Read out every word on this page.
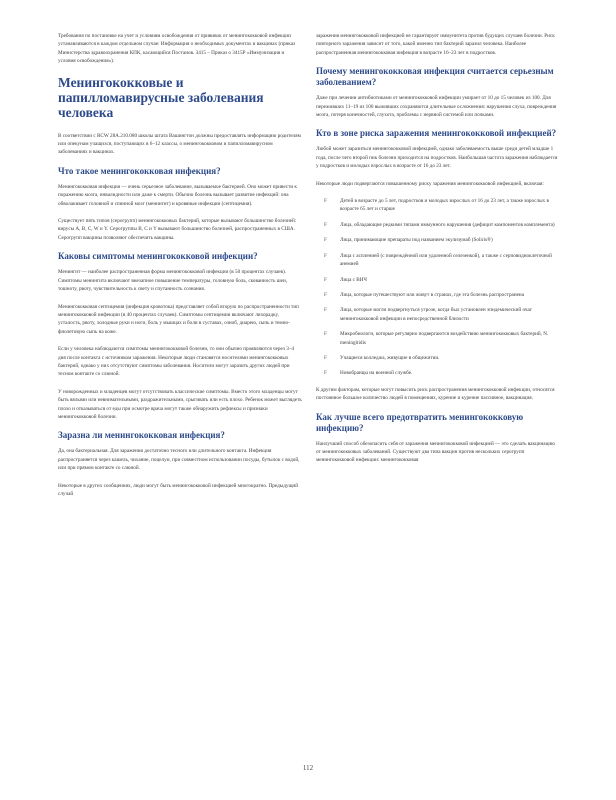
Требования по постановке на учет и условиям освобождения от прививок от менингококковой инфекции устанавливаются в каждом отдельном случае: Информация о необходимых документах и вакцинах (приказ Министерства здравоохранения КПК, касающийся Постанов. 3415 – Приказ о 3415Р «Иммунизация и условия освобождения»).

Менингококковые и папилломавирусные заболевания человека

В соответствии с RCW 28A.210.080 школы штата Вашингтон должны предоставлять информацию родителям или опекунам учащихся, поступающих в 6–12 классы, о менингококковом и папилломавирусном заболеваниях и вакцинах.

Что такое менингококковая инфекция?

Менингококковая инфекция — очень серьезное заболевание, вызываемое бактерией. Оно может привести к поражению мозга, инвалидности или даже к смерти. Обычно болезнь вызывает развитие инфекций: она обволакивает головной и спинной мозг (менингит) и кровяные инфекции (септицемия).

Существует пять типов (серогрупп) менингококковых бактерий, которые вызывают большинство болезней: вирусы A, B, C, W и Y. Серогруппы B, C и Y вызывают большинство болезней, распространенных в США. Серогрупп вакцины позволяют обеспечить вакцины.

Каковы симптомы менингококковой инфекции?

Менингит — наиболее распространенная форма менингококковой инфекции (в 50 процентах случаев). Симптомы менингита включают внезапное повышение температуры, головную боль, скованность шеи, тошноту, рвоту, чувствительность к свету и спутанность сознания.

Менингококковая септицемия (инфекция кровотока) представляет собой вторую по распространенности тип менингококковой инфекции (в 40 процентах случаев). Симптомы септицемии включают лихорадку, усталость, рвоту, холодные руки и ноги, боль у мышцах и боли в суставах, озноб, диарею, сыпь и темно-фиолетовую сыпь на коже.

Если у человека наблюдаются симптомы менингококковой болезни, то они обычно проявляются через 3–4 дня после контакта с источником заражения. Некоторые люди становятся носителями менингококковых бактерий, однако у них отсутствуют симптомы заболевания. Носители могут заразить других людей при тесном контакте со слюной.

У новорожденных и младенцев могут отсутствовать классические симптомы. Вместо этого младенцы могут быть вялыми или невнимательными, раздражительными, срыгивать или есть плохо. Ребенок может выглядеть плохо и отказываться от еды при осмотре врача могут также обнаружить рефлексы и признаки менингококковой болезни.

Заразна ли менингококковая инфекция?

Да, она бактериальная. Для заражения достаточно тесного или длительного контакта. Инфекция распространяется через кашель, чихание, поцелуи, при совместном использовании посуды, бутылок с водой, или при прямом контакте со слюной.

Некоторые в других сообщениях, люди могут быть менингококковой инфекцией многократно. Предыдущий случай

заражения менингококковой инфекцией не гарантирует иммунитета против будущих случаев болезни. Риск повторного заражения зависит от того, какой именно тип бактерий заразил человека. Наиболее распространенная менингококковая инфекция в возрасте 16–23 лет в подростков.

Почему менингококковая инфекция считается серьезным заболеванием?

Даже при лечении антибиотиками от менингококковой инфекции умирает от 10 до 15 человек из 100. Для переживших 11–19 из 100 выживших сохраняются длительные осложнения: нарушения слуха, повреждения мозга, потеря конечностей, глухота, проблемы с нервной системой или почками.

Кто в зоне риска заражения менингококковой инфекцией?

Любой может заразиться менингококковой инфекцией, однако заболеваемость выше среди детей младше 1 года, после чего второй пик болезни приходится на подростков. Наибольшая частота заражения наблюдается у подростков и молодых взрослых в возрасте от 16 до 23 лет.

Некоторые люди подвергаются повышенному риску заражения менингококковой инфекцией, включая:

F Детей в возрасте до 5 лет, подростков и молодых взрослых от 16 до 23 лет, а также взрослых в возрасте 65 лет и старше
F Лица, обладающие редкими типами иммунного нарушения (дефицит компонентов комплемента)
F Лица, принимающие препараты под названием экулизумаб (Soliris®)
F Лица с аспленией (с повреждённой или удаленной селезенкой), а также с серповидноклеточной анемией
F Лица с ВИЧ
F Лица, которые путешествуют или живут в странах, где эта болезнь распространена
F Лица, которые могли подвергнуться угрозе, когда был установлен эпидемический очаг менингококковой инфекции в непосредственной близости
F Микробиологи, которые регулярно подвергаются воздействию менингококковых бактерий, N. meningitidis
F Учащиеся колледжа, живущие в общежитии.
F Новобранцы на военной службе.

К другим факторам, которые могут повысить риск распространения менингококковой инфекции, относятся постоянное большое количество людей в помещениях, курение и курение пассивное, вакцинация.

Как лучше всего предотвратить менингококковую инфекцию?

Наилучший способ обезопасить себя от заражения менингококковой инфекцией — это сделать вакцинацию от менингококковых заболеваний. Существуют два типа вакцин против нескольких серогрупп менингококковой инфекции: менингококковая

112
